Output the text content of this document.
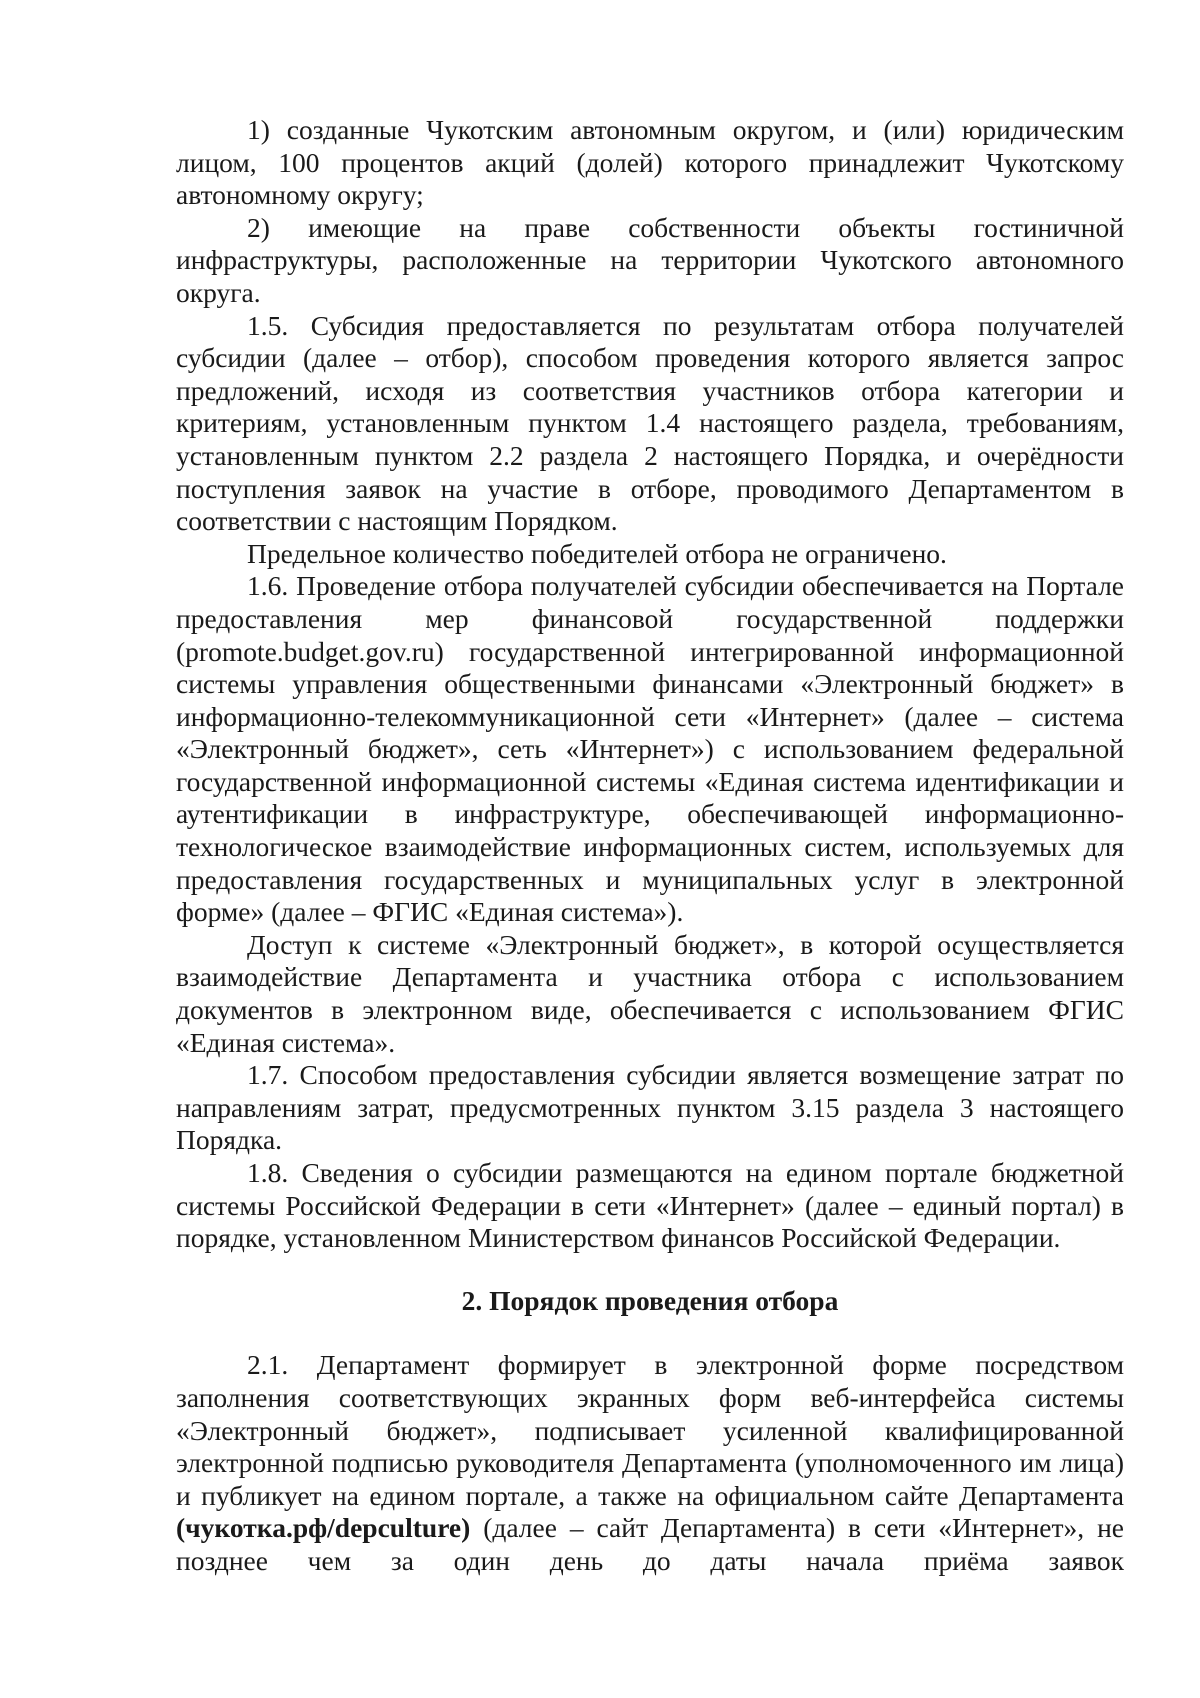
1) созданные Чукотским автономным округом, и (или) юридическим лицом, 100 процентов акций (долей) которого принадлежит Чукотскому автономному округу;

2) имеющие на праве собственности объекты гостиничной инфраструктуры, расположенные на территории Чукотского автономного округа.

1.5. Субсидия предоставляется по результатам отбора получателей субсидии (далее – отбор), способом проведения которого является запрос предложений, исходя из соответствия участников отбора категории и критериям, установленным пунктом 1.4 настоящего раздела, требованиям, установленным пунктом 2.2 раздела 2 настоящего Порядка, и очерёдности поступления заявок на участие в отборе, проводимого Департаментом в соответствии с настоящим Порядком.

Предельное количество победителей отбора не ограничено.

1.6. Проведение отбора получателей субсидии обеспечивается на Портале предоставления мер финансовой государственной поддержки (promote.budget.gov.ru) государственной интегрированной информационной системы управления общественными финансами «Электронный бюджет» в информационно-телекоммуникационной сети «Интернет» (далее – система «Электронный бюджет», сеть «Интернет») с использованием федеральной государственной информационной системы «Единая система идентификации и аутентификации в инфраструктуре, обеспечивающей информационно-технологическое взаимодействие информационных систем, используемых для предоставления государственных и муниципальных услуг в электронной форме» (далее – ФГИС «Единая система»).

Доступ к системе «Электронный бюджет», в которой осуществляется взаимодействие Департамента и участника отбора с использованием документов в электронном виде, обеспечивается с использованием ФГИС «Единая система».

1.7. Способом предоставления субсидии является возмещение затрат по направлениям затрат, предусмотренных пунктом 3.15 раздела 3 настоящего Порядка.

1.8. Сведения о субсидии размещаются на едином портале бюджетной системы Российской Федерации в сети «Интернет» (далее – единый портал) в порядке, установленном Министерством финансов Российской Федерации.

2. Порядок проведения отбора

2.1. Департамент формирует в электронной форме посредством заполнения соответствующих экранных форм веб-интерфейса системы «Электронный бюджет», подписывает усиленной квалифицированной электронной подписью руководителя Департамента (уполномоченного им лица) и публикует на едином портале, а также на официальном сайте Департамента (чукотка.рф/depculture) (далее – сайт Департамента) в сети «Интернет», не позднее чем за один день до даты начала приёма заявок
